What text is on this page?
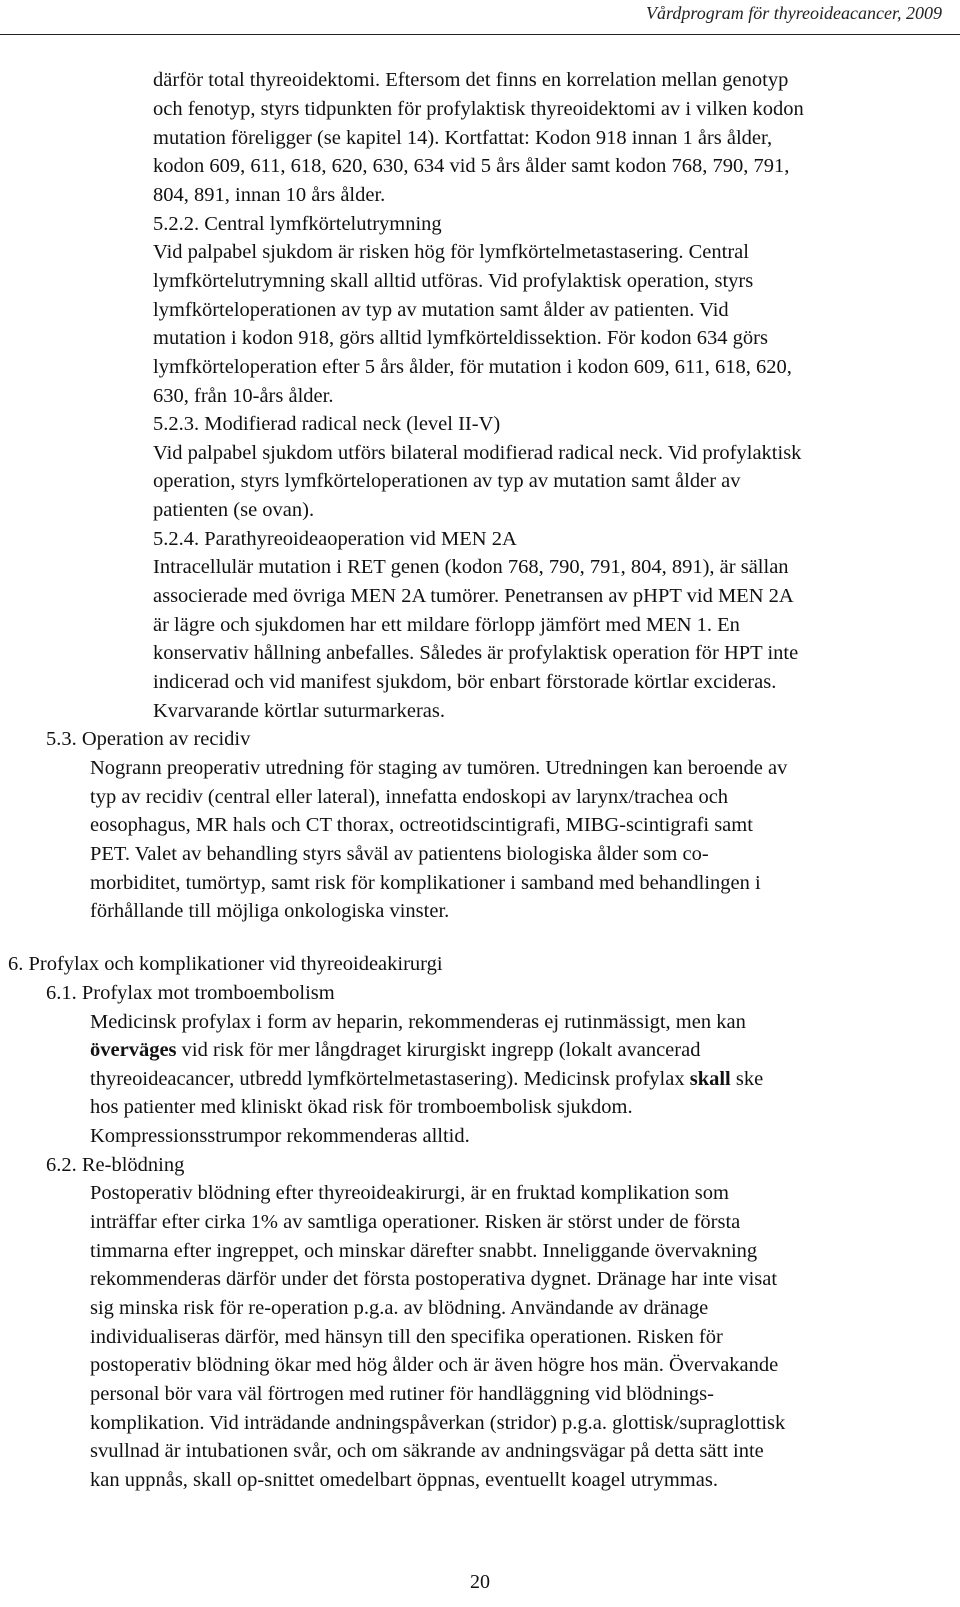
Vårdprogram för thyreoideacancer, 2009
därför total thyreoidektomi. Eftersom det finns en korrelation mellan genotyp
och fenotyp, styrs tidpunkten för profylaktisk thyreoidektomi av i vilken kodon
mutation föreligger (se kapitel 14). Kortfattat: Kodon 918 innan 1 års ålder,
kodon 609, 611, 618, 620, 630, 634 vid 5 års ålder samt kodon 768, 790, 791,
804, 891, innan 10 års ålder.
5.2.2. Central lymfkörtelutrymning
Vid palpabel sjukdom är risken hög för lymfkörtelmetastasering. Central
lymfkörtelutrymning skall alltid utföras. Vid profylaktisk operation, styrs
lymfkörteloperationen av typ av mutation samt ålder av patienten. Vid
mutation i kodon 918, görs alltid lymfkörteldissektion. För kodon 634 görs
lymfkörteloperation efter 5 års ålder, för mutation i kodon 609, 611, 618, 620,
630, från 10-års ålder.
5.2.3. Modifierad radical neck (level II-V)
Vid palpabel sjukdom utförs bilateral modifierad radical neck. Vid profylaktisk
operation, styrs lymfkörteloperationen av typ av mutation samt ålder av
patienten (se ovan).
5.2.4. Parathyreoideaoperation vid MEN 2A
Intracellulär mutation i RET genen (kodon 768, 790, 791, 804, 891), är sällan
associerade med övriga MEN 2A tumörer. Penetransen av pHPT vid MEN 2A
är lägre och sjukdomen har ett mildare förlopp jämfört med MEN 1. En
konservativ hållning anbefalles. Således är profylaktisk operation för HPT inte
indicerad och vid manifest sjukdom, bör enbart förstorade körtlar excideras.
Kvarvarande körtlar suturmarkeras.
5.3. Operation av recidiv
Nogrann preoperativ utredning för staging av tumören. Utredningen kan beroende av
typ av recidiv (central eller lateral), innefatta endoskopi av larynx/trachea och
eosophagus, MR hals och CT thorax, octreotidscintigrafi, MIBG-scintigrafi samt
PET. Valet av behandling styrs såväl av patientens biologiska ålder som co-
morbiditet, tumörtyp, samt risk för komplikationer i samband med behandlingen i
förhållande till möjliga onkologiska vinster.
6. Profylax och komplikationer vid thyreoideakirurgi
6.1. Profylax mot tromboembolism
Medicinsk profylax i form av heparin, rekommenderas ej rutinmässigt, men kan
överväges vid risk för mer långdraget kirurgiskt ingrepp (lokalt avancerad
thyreoideacancer, utbredd lymfkörtelmetastasering). Medicinsk profylax skall ske
hos patienter med kliniskt ökad risk för tromboembolisk sjukdom.
Kompressionsstrumpor rekommenderas alltid.
6.2. Re-blödning
Postoperativ blödning efter thyreoideakirurgi, är en fruktad komplikation som
inträffar efter cirka 1% av samtliga operationer. Risken är störst under de första
timmarna efter ingreppet, och minskar därefter snabbt. Inneliggande övervakning
rekommenderas därför under det första postoperativa dygnet. Dränage har inte visat
sig minska risk för re-operation p.g.a. av blödning. Användande av dränage
individualiseras därför, med hänsyn till den specifika operationen. Risken för
postoperativ blödning ökar med hög ålder och är även högre hos män. Övervakande
personal bör vara väl förtrogen med rutiner för handläggning vid blödnings-
komplikation. Vid inträdande andningspåverkan (stridor) p.g.a. glottisk/supraglottisk
svullnad är intubationen svår, och om säkrande av andningsvägar på detta sätt inte
kan uppnås, skall op-snittet omedelbart öppnas, eventuellt koagel utrymmas.
20
